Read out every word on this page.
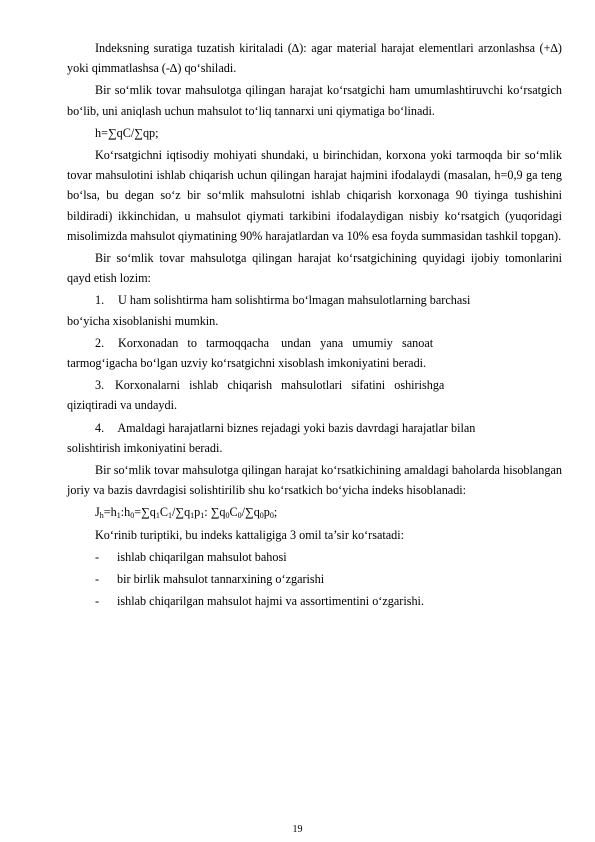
Indeksning suratiga tuzatish kiritaladi (∆): agar material harajat elementlari arzonlashsa (+∆) yoki qimmatlashsa (-∆) qo‘shiladi.

Bir so‘mlik tovar mahsulotga qilingan harajat ko‘rsatgichi ham umumlashtiruvchi ko‘rsatgich bo‘lib, uni aniqlash uchun mahsulot to‘liq tannarxi uni qiymatiga bo‘linadi.

h=∑qC/∑qp;

Ko‘rsatgichni iqtisodiy mohiyati shundaki, u birinchidan, korxona yoki tarmoqda bir so‘mlik tovar mahsulotini ishlab chiqarish uchun qilingan harajat hajmini ifodalaydi (masalan, h=0,9 ga teng bo‘lsa, bu degan so‘z bir so‘mlik mahsulotni ishlab chiqarish korxonaga 90 tiyinga tushishini bildiradi) ikkinchidan, u mahsulot qiymati tarkibini ifodalaydigan nisbiy ko‘rsatgich (yuqoridagi misolimizda mahsulot qiymatining 90% harajatlardan va 10% esa foyda summasidan tashkil topgan).

Bir so‘mlik tovar mahsulotga qilingan harajat ko‘rsatgichining quyidagi ijobiy tomonlarini qayd etish lozim:

1. U ham solishtirma ham solishtirma bo‘lmagan mahsulotlarning barchasi
bo‘yicha xisoblanishi mumkin.
2. Korxonadan   to   tarmoqqacha    undan   yana   umumiy   sanoat
tarmog‘igacha bo‘lgan uzviy ko‘rsatgichni xisoblash imkoniyatini beradi.
3. Korxonalarni   ishlab   chiqarish   mahsulotlari   sifatini   oshirishga
qiziqtiradi va undaydi.
4. Amaldagi harajatlarni biznes rejadagi yoki bazis davrdagi harajatlar bilan
solishtirish imkoniyatini beradi.

Bir so‘mlik tovar mahsulotga qilingan harajat ko‘rsatkichining amaldagi baholarda hisoblangan joriy va bazis davrdagisi solishtirilib shu ko‘rsatkich bo‘yicha indeks hisoblanadi:

$J_h=h_1:h_0=\sum q_1C_1/\sum q_1p_1$: $\sum q_0C_0/\sum q_0p_0$;

Ko‘rinib turiptiki, bu indeks kattaligiga 3 omil ta’sir ko‘rsatadi:

-	ishlab chiqarilgan mahsulot bahosi
-	bir birlik mahsulot tannarxining o‘zgarishi
-	ishlab chiqarilgan mahsulot hajmi va assortimentini o‘zgarishi.
19
